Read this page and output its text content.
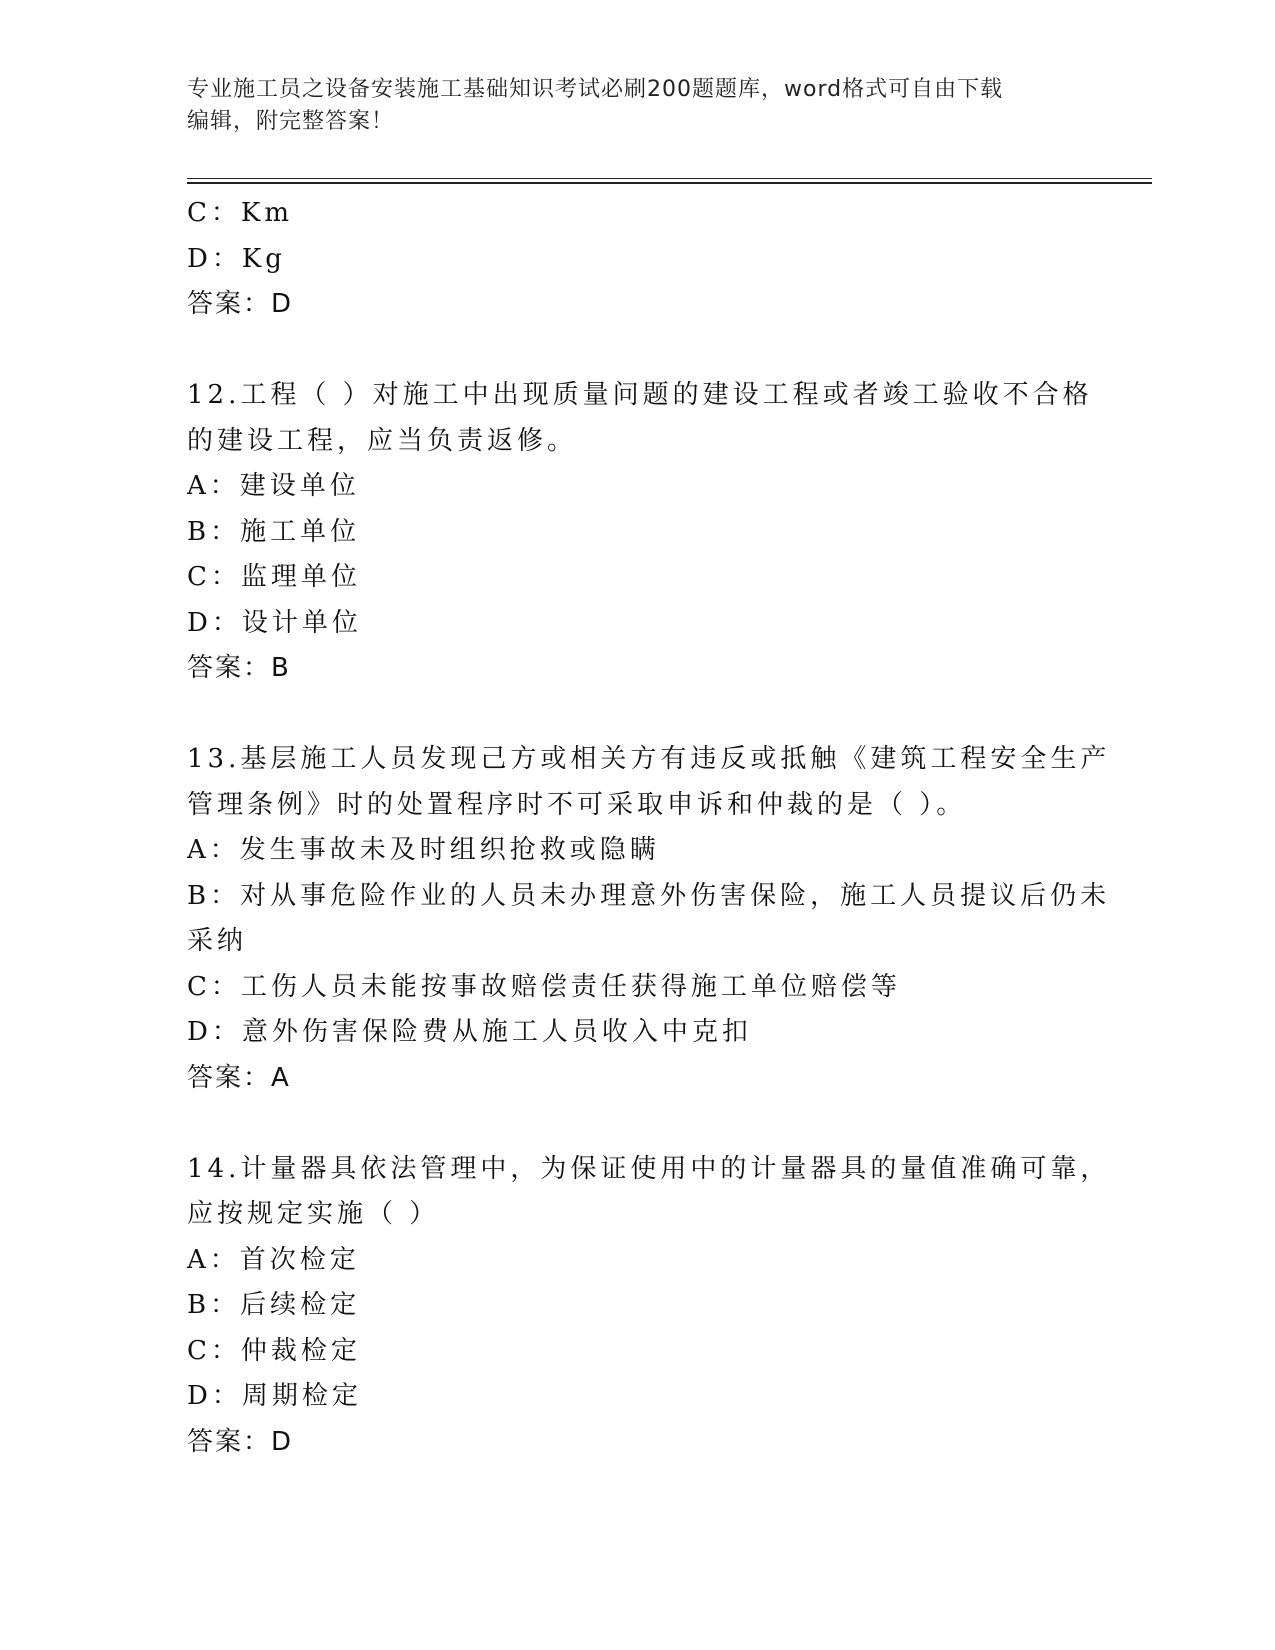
专业施工员之设备安装施工基础知识考试必刷200题题库，word格式可自由下载
编辑，附完整答案！
C：Km
D：Kg
答案：D
12.工程（ ）对施工中出现质量问题的建设工程或者竣工验收不合格
的建设工程，应当负责返修。
A：建设单位
B：施工单位
C：监理单位
D：设计单位
答案：B
13.基层施工人员发现己方或相关方有违反或抵触《建筑工程安全生产
管理条例》时的处置程序时不可采取申诉和仲裁的是（ ）。
A：发生事故未及时组织抢救或隐瞒
B：对从事危险作业的人员未办理意外伤害保险，施工人员提议后仍未
采纳
C：工伤人员未能按事故赔偿责任获得施工单位赔偿等
D：意外伤害保险费从施工人员收入中克扣
答案：A
14.计量器具依法管理中，为保证使用中的计量器具的量值准确可靠，
应按规定实施（ ）
A：首次检定
B：后续检定
C：仲裁检定
D：周期检定
答案：D
